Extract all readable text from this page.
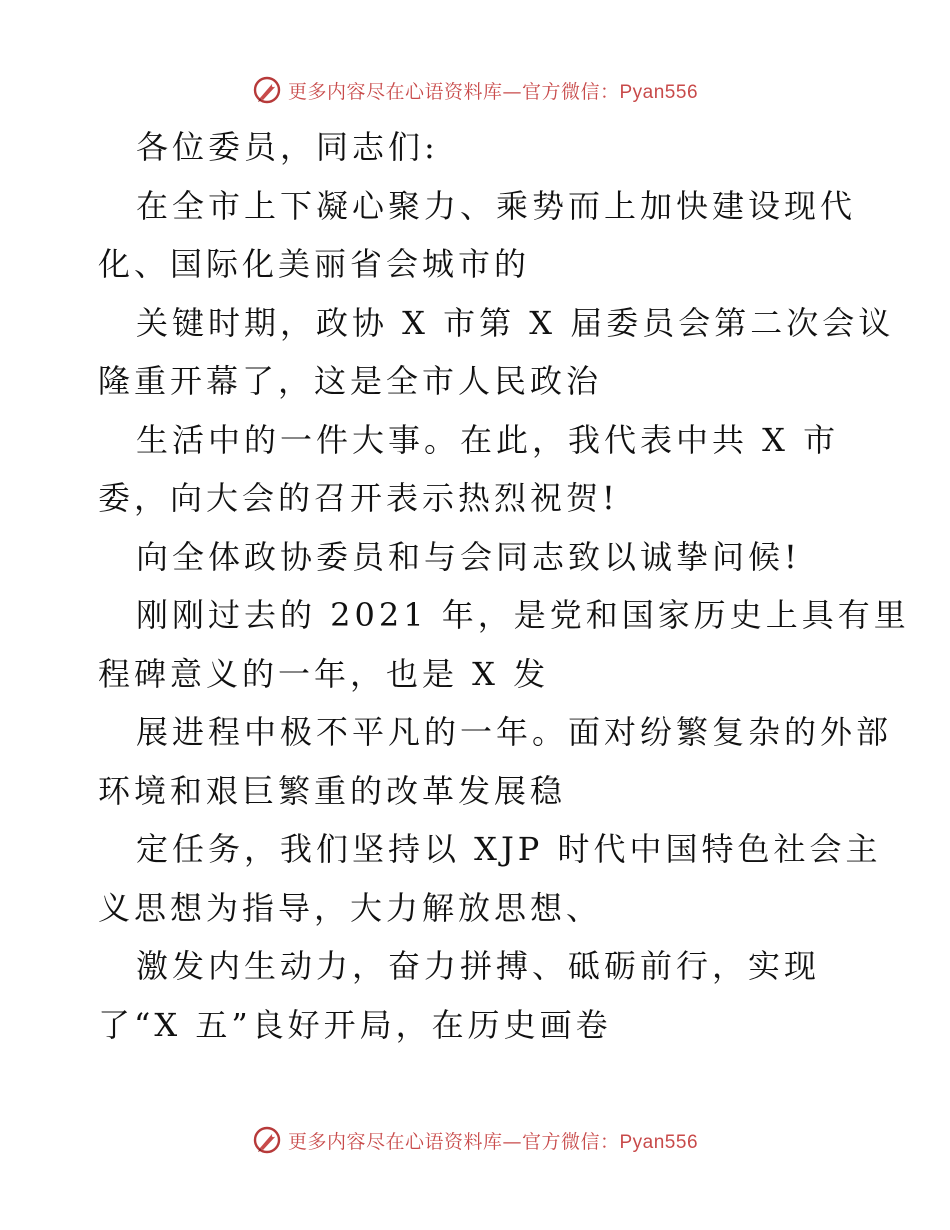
更多内容尽在心语资料库—官方微信：Pyan556
各位委员，同志们:
在全市上下凝心聚力、乘势而上加快建设现代
化、国际化美丽省会城市的
关键时期，政协 X 市第 X 届委员会第二次会议
隆重开幕了，这是全市人民政治
生活中的一件大事。在此，我代表中共 X 市
委，向大会的召开表示热烈祝贺!
向全体政协委员和与会同志致以诚挚问候!
刚刚过去的 2021 年，是党和国家历史上具有里
程碑意义的一年，也是 X 发
展进程中极不平凡的一年。面对纷繁复杂的外部
环境和艰巨繁重的改革发展稳
定任务，我们坚持以 XJP 时代中国特色社会主
义思想为指导，大力解放思想、
激发内生动力，奋力拼搏、砥砺前行，实现
了“X 五”良好开局，在历史画卷
更多内容尽在心语资料库—官方微信：Pyan556
